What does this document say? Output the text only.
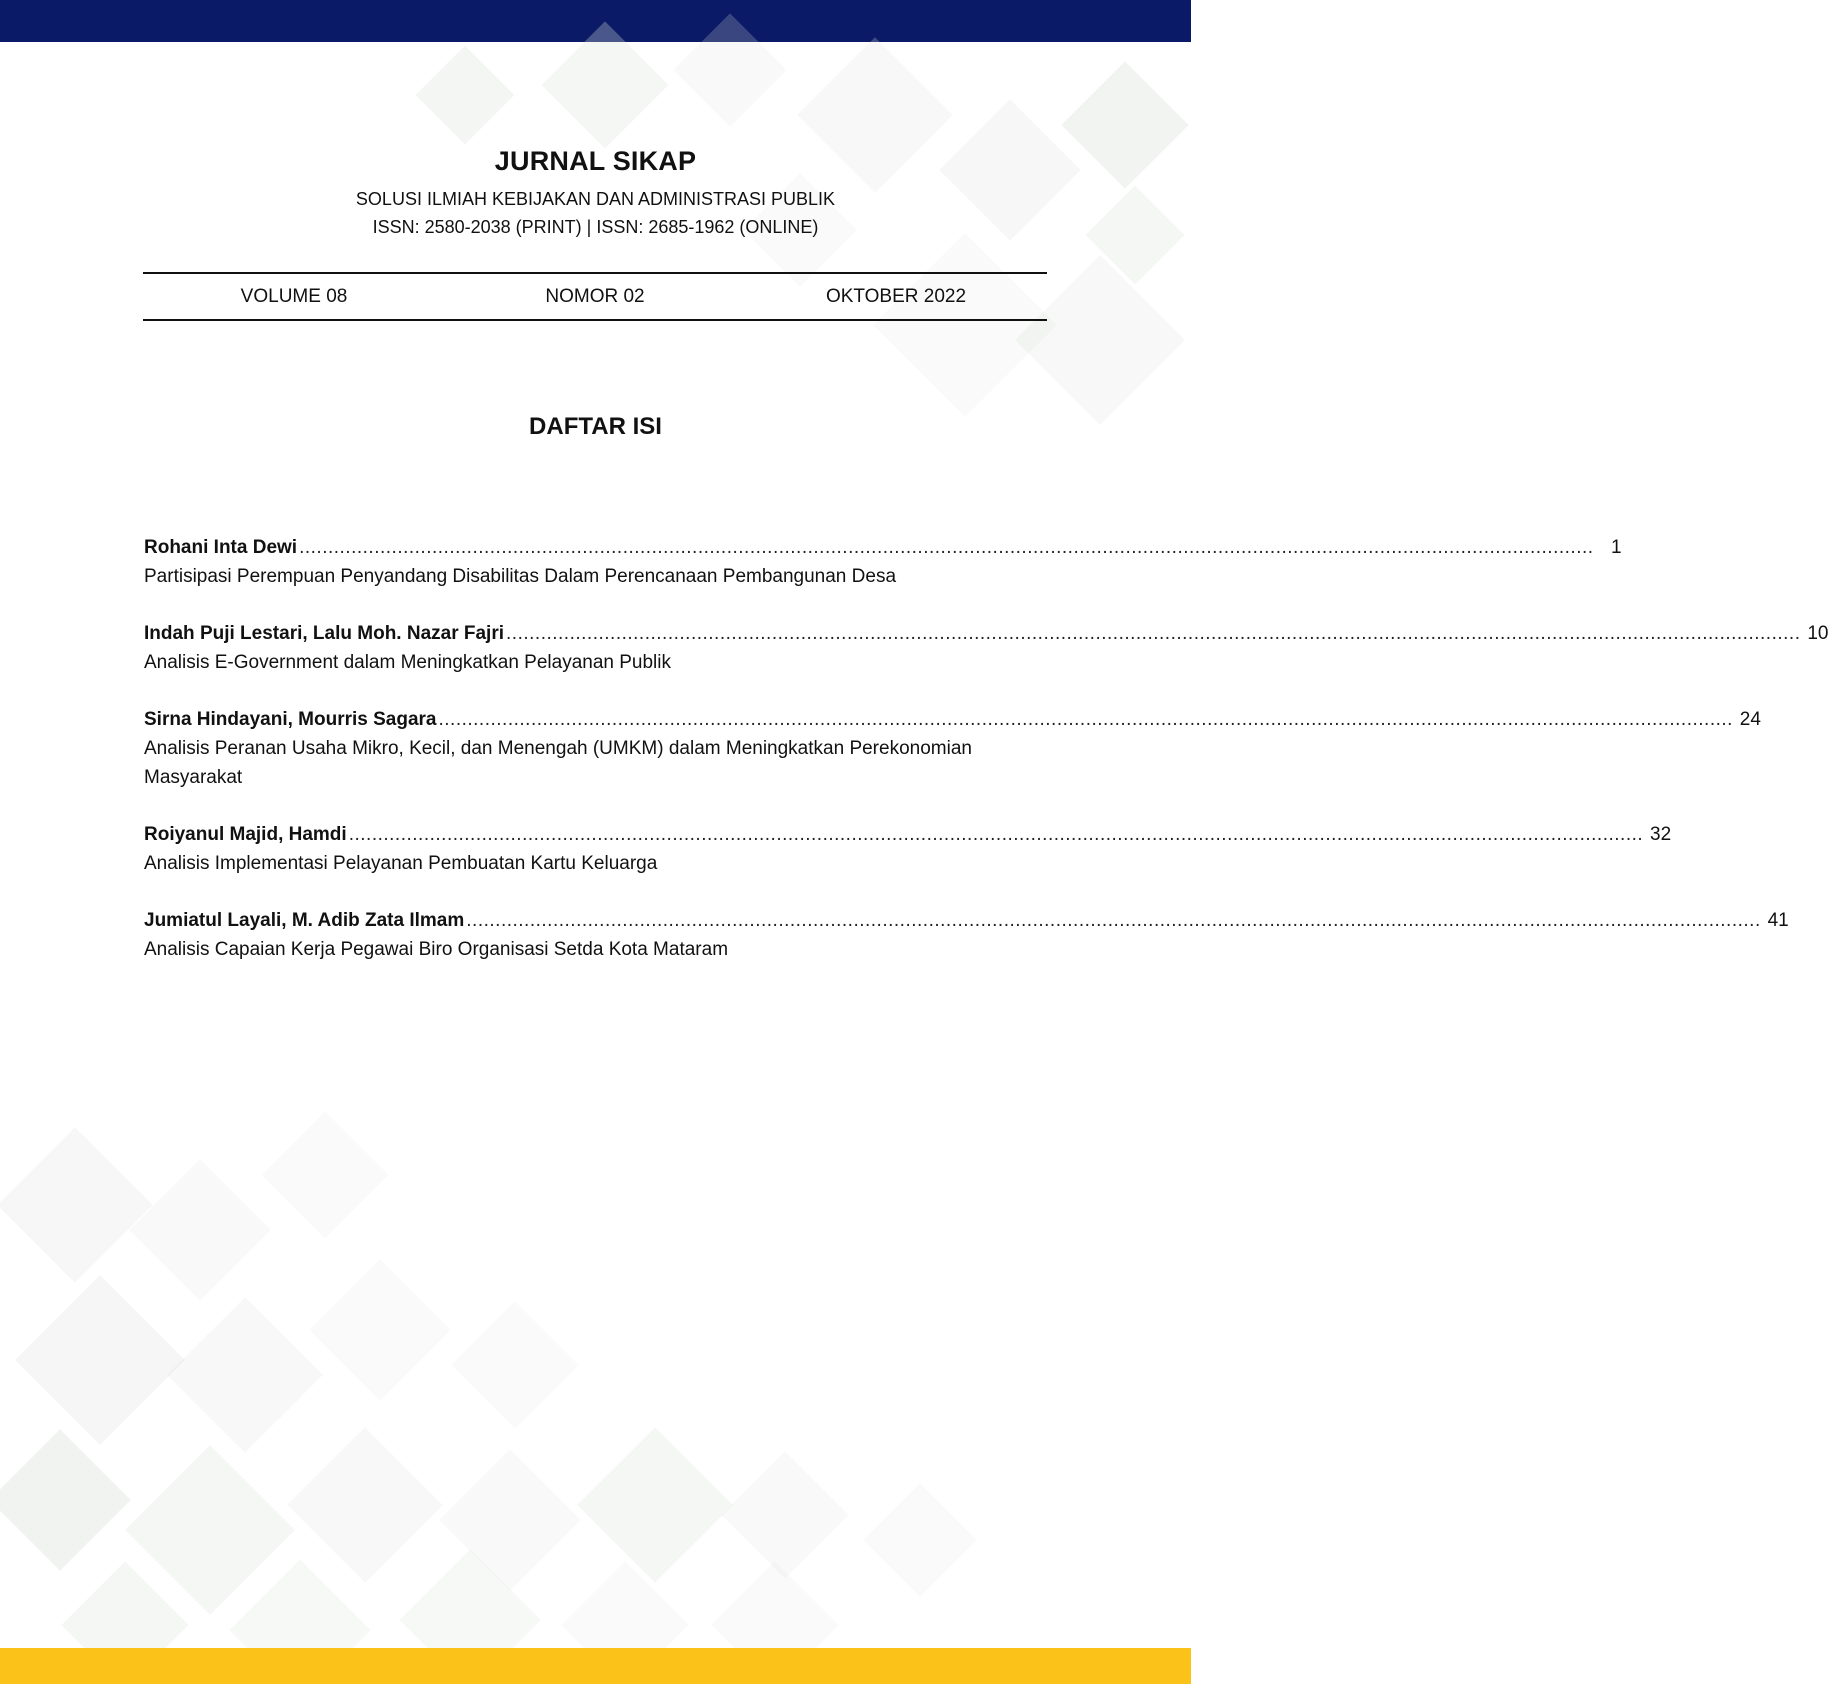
JURNAL SIKAP
SOLUSI ILMIAH KEBIJAKAN DAN ADMINISTRASI PUBLIK
ISSN: 2580-2038 (PRINT) | ISSN: 2685-1962 (ONLINE)
VOLUME 08	NOMOR 02	OKTOBER 2022
DAFTAR ISI
Rohani Inta Dewi ................................................................................................................................................................................................................................ 1
Partisipasi Perempuan Penyandang Disabilitas Dalam Perencanaan Pembangunan Desa
Indah Puji Lestari, Lalu Moh. Nazar Fajri ................................................................................................................................................................................................................................ 10
Analisis E-Government dalam Meningkatkan Pelayanan Publik
Sirna Hindayani, Mourris Sagara ................................................................................................................................................................................................................................ 24
Analisis Peranan Usaha Mikro, Kecil, dan Menengah (UMKM) dalam Meningkatkan Perekonomian Masyarakat
Roiyanul Majid, Hamdi ................................................................................................................................................................................................................................ 32
Analisis Implementasi Pelayanan Pembuatan Kartu Keluarga
Jumiatul Layali, M. Adib Zata Ilmam ................................................................................................................................................................................................................................ 41
Analisis Capaian Kerja Pegawai Biro Organisasi Setda Kota Mataram
